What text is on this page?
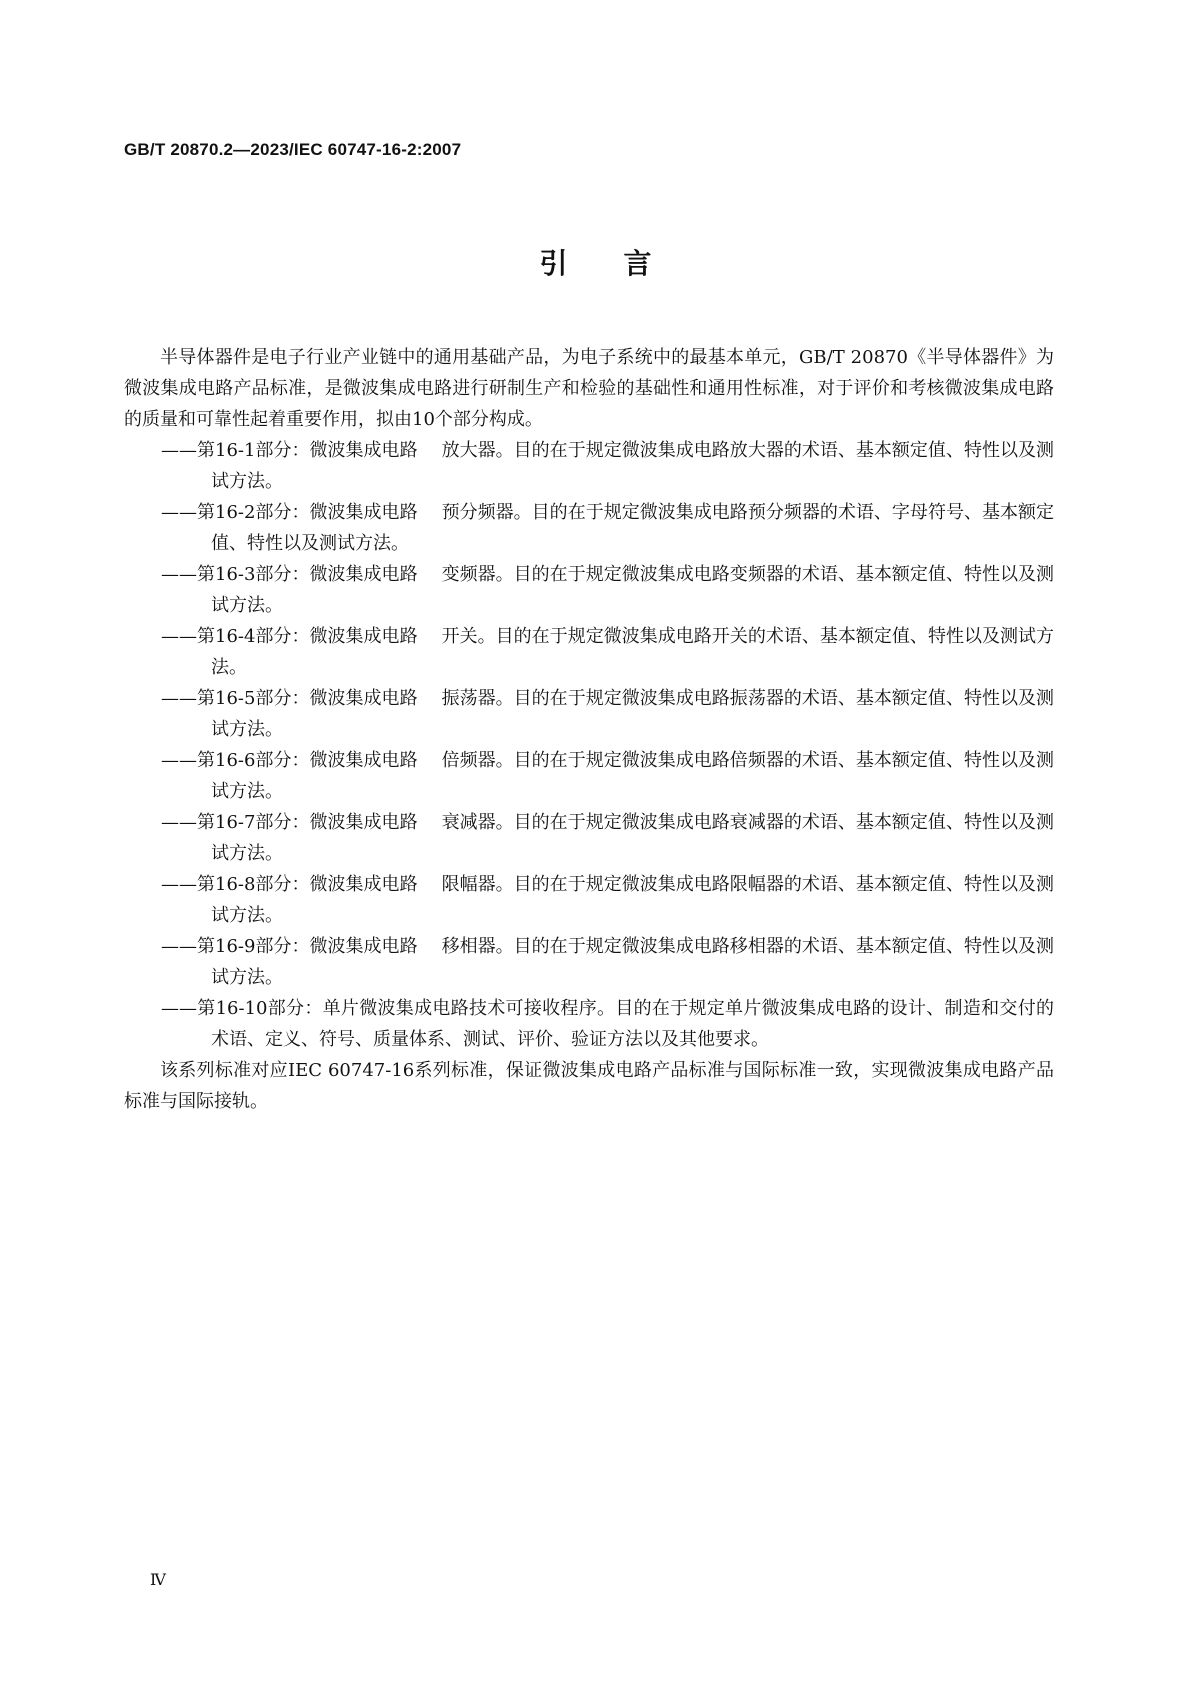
GB/T 20870.2—2023/IEC 60747-16-2:2007
引言

半导体器件是电子行业产业链中的通用基础产品，为电子系统中的最基本单元，GB/T 20870《半导体器件》为微波集成电路产品标准，是微波集成电路进行研制生产和检验的基础性和通用性标准，对于评价和考核微波集成电路的质量和可靠性起着重要作用，拟由10个部分构成。

——第16-1部分：微波集成电路 放大器。目的在于规定微波集成电路放大器的术语、基本额定值、特性以及测试方法。

——第16-2部分：微波集成电路 预分频器。目的在于规定微波集成电路预分频器的术语、字母符号、基本额定值、特性以及测试方法。

——第16-3部分：微波集成电路 变频器。目的在于规定微波集成电路变频器的术语、基本额定值、特性以及测试方法。

——第16-4部分：微波集成电路 开关。目的在于规定微波集成电路开关的术语、基本额定值、特性以及测试方法。

——第16-5部分：微波集成电路 振荡器。目的在于规定微波集成电路振荡器的术语、基本额定值、特性以及测试方法。

——第16-6部分：微波集成电路 倍频器。目的在于规定微波集成电路倍频器的术语、基本额定值、特性以及测试方法。

——第16-7部分：微波集成电路 衰减器。目的在于规定微波集成电路衰减器的术语、基本额定值、特性以及测试方法。

——第16-8部分：微波集成电路 限幅器。目的在于规定微波集成电路限幅器的术语、基本额定值、特性以及测试方法。

——第16-9部分：微波集成电路 移相器。目的在于规定微波集成电路移相器的术语、基本额定值、特性以及测试方法。

——第16-10部分：单片微波集成电路技术可接收程序。目的在于规定单片微波集成电路的设计、制造和交付的术语、定义、符号、质量体系、测试、评价、验证方法以及其他要求。

该系列标准对应IEC 60747-16系列标准，保证微波集成电路产品标准与国际标准一致，实现微波集成电路产品标准与国际接轨。

Ⅳ
